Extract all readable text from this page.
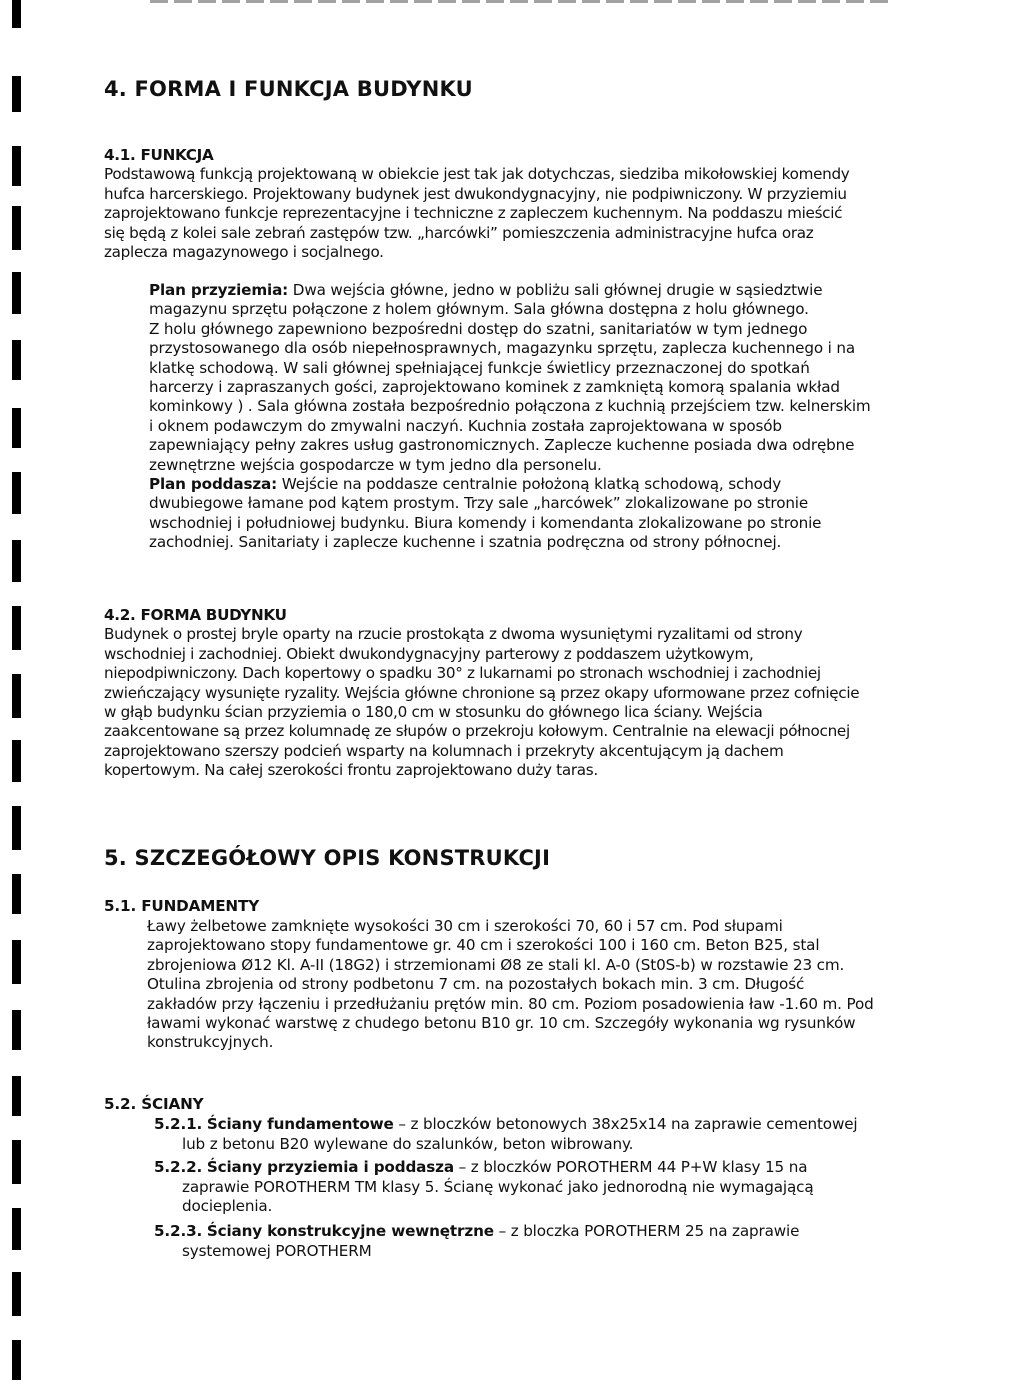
4. FORMA I FUNKCJA BUDYNKU
4.1. FUNKCJA
Podstawową funkcją projektowaną w obiekcie jest tak jak dotychczas, siedziba mikołowskiej komendy
hufca harcerskiego. Projektowany budynek jest dwukondygnacyjny, nie podpiwniczony. W przyziemiu
zaprojektowano funkcje reprezentacyjne i techniczne z zapleczem kuchennym. Na poddaszu mieścić
się będą z kolei sale zebrań zastępów tzw. „harcówki” pomieszczenia administracyjne hufca oraz
zaplecza magazynowego i socjalnego.
Plan przyziemia: Dwa wejścia główne, jedno w pobliżu sali głównej drugie w sąsiedztwie
magazynu sprzętu połączone z holem głównym. Sala główna dostępna z holu głównego.
Z holu głównego zapewniono bezpośredni dostęp do szatni, sanitariatów w tym jednego
przystosowanego dla osób niepełnosprawnych, magazynku sprzętu, zaplecza kuchennego i na
klatkę schodową. W sali głównej spełniającej funkcje świetlicy przeznaczonej do spotkań
harcerzy i zapraszanych gości, zaprojektowano kominek z zamkniętą komorą spalania wkład
kominkowy ) . Sala główna została bezpośrednio połączona z kuchnią przejściem tzw. kelnerskim
i oknem podawczym do zmywalni naczyń. Kuchnia została zaprojektowana w sposób
zapewniający pełny zakres usług gastronomicznych. Zaplecze kuchenne posiada dwa odrębne
zewnętrzne wejścia gospodarcze w tym jedno dla personelu.
Plan poddasza: Wejście na poddasze centralnie położoną klatką schodową, schody
dwubiegowe łamane pod kątem prostym. Trzy sale „harcówek” zlokalizowane po stronie
wschodniej i południowej budynku. Biura komendy i komendanta zlokalizowane po stronie
zachodniej. Sanitariaty i zaplecze kuchenne i szatnia podręczna od strony północnej.
4.2. FORMA BUDYNKU
Budynek o prostej bryle oparty na rzucie prostokąta z dwoma wysuniętymi ryzalitami od strony
wschodniej i zachodniej. Obiekt dwukondygnacyjny parterowy z poddaszem użytkowym,
niepodpiwniczony. Dach kopertowy o spadku 30° z lukarnami po stronach wschodniej i zachodniej
zwieńczający wysunięte ryzality. Wejścia główne chronione są przez okapy uformowane przez cofnięcie
w głąb budynku ścian przyziemia o 180,0 cm w stosunku do głównego lica ściany. Wejścia
zaakcentowane są przez kolumnadę ze słupów o przekroju kołowym. Centralnie na elewacji północnej
zaprojektowano szerszy podcień wsparty na kolumnach i przekryty akcentującym ją dachem
kopertowym. Na całej szerokości frontu zaprojektowano duży taras.
5. SZCZEGÓŁOWY OPIS KONSTRUKCJI
5.1. FUNDAMENTY
Ławy żelbetowe zamknięte wysokości 30 cm i szerokości 70, 60 i 57 cm. Pod słupami
zaprojektowano stopy fundamentowe gr. 40 cm i szerokości 100 i 160 cm. Beton B25, stal
zbrojeniowa Ø12 Kl. A-II (18G2) i strzemionami Ø8 ze stali kl. A-0 (St0S-b) w rozstawie 23 cm.
Otulina zbrojenia od strony podbetonu 7 cm. na pozostałych bokach min. 3 cm. Długość
zakładów przy łączeniu i przedłużaniu prętów min. 80 cm. Poziom posadowienia ław -1.60 m. Pod
ławami wykonać warstwę z chudego betonu B10 gr. 10 cm. Szczegóły wykonania wg rysunków
konstrukcyjnych.
5.2. ŚCIANY
5.2.1. Ściany fundamentowe – z bloczków betonowych 38x25x14 na zaprawie cementowej
lub z betonu B20 wylewane do szalunków, beton wibrowany.
5.2.2. Ściany przyziemia i poddasza – z bloczków POROTHERM 44 P+W klasy 15 na
zaprawie POROTHERM TM klasy 5. Ścianę wykonać jako jednorodną nie wymagającą
docieplenia.
5.2.3. Ściany konstrukcyjne wewnętrzne – z bloczka POROTHERM 25 na zaprawie
systemowej POROTHERM
